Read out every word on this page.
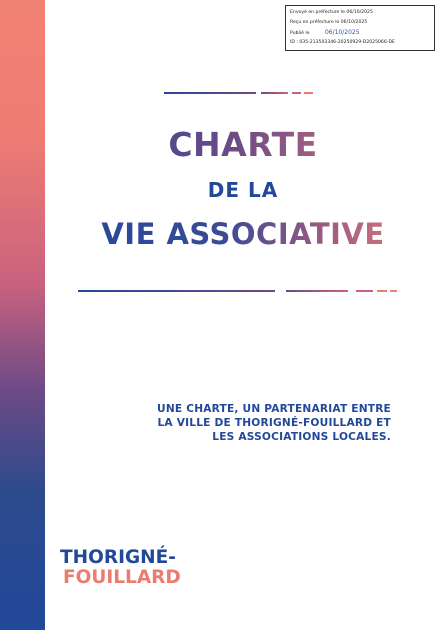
Envoyé en préfecture le 06/10/2025
Reçu en préfecture le 06/10/2025
Publié le	06/10/2025
ID : 035-213503346-20250929-D2025066-DE
CHARTE
DE LA
VIE ASSOCIATIVE
UNE CHARTE, UN PARTENARIAT ENTRE
LA VILLE DE THORIGNÉ-FOUILLARD ET
LES ASSOCIATIONS LOCALES.
THORIGNÉ-
FOUILLARD
